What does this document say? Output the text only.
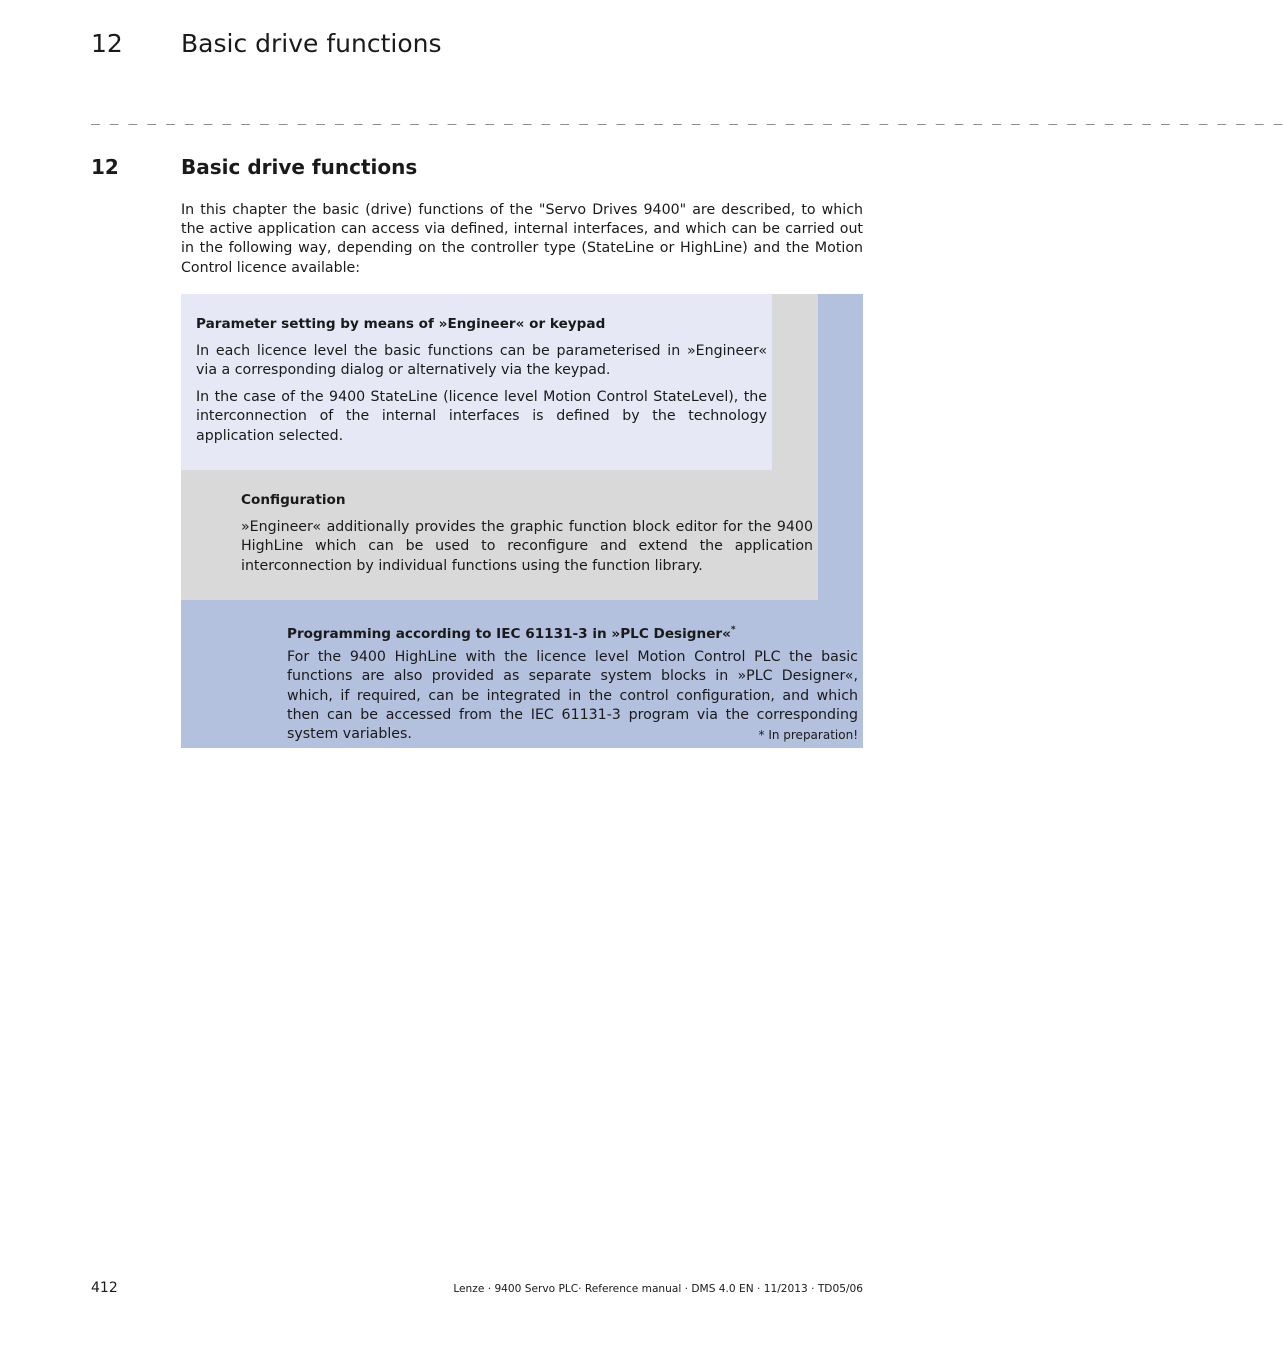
12 Basic drive functions
_ _ _ _ _ _ _ _ _ _ _ _ _ _ _ _ _ _ _ _ _ _ _ _ _ _ _ _ _ _ _ _ _ _ _ _ _ _ _ _ _ _ _ _ _ _ _ _ _ _ _ _ _ _ _ _ _ _ _ _ _ _ _ _
12	Basic drive functions

In this chapter the basic (drive) functions of the "Servo Drives 9400" are described, to which the active application can access via defined, internal interfaces, and which can be carried out in the following way, depending on the controller type (StateLine or HighLine) and the Motion Control licence available:

Parameter setting by means of »Engineer« or keypad

In each licence level the basic functions can be parameterised in »Engineer« via a corresponding dialog or alternatively via the keypad.

In the case of the 9400 StateLine (licence level Motion Control StateLevel), the interconnection of the internal interfaces is defined by the technology application selected.

Configuration

»Engineer« additionally provides the graphic function block editor for the 9400 HighLine which can be used to reconfigure and extend the application interconnection by individual functions using the function library.

Programming according to IEC 61131-3 in »PLC Designer«*

For the 9400 HighLine with the licence level Motion Control PLC the basic functions are also provided as separate system blocks in »PLC Designer«, which, if required, can be integrated in the control configuration, and which then can be accessed from the IEC 61131-3 program via the corresponding system variables.	* In preparation!
412	Lenze · 9400 Servo PLC· Reference manual · DMS 4.0 EN · 11/2013 · TD05/06
